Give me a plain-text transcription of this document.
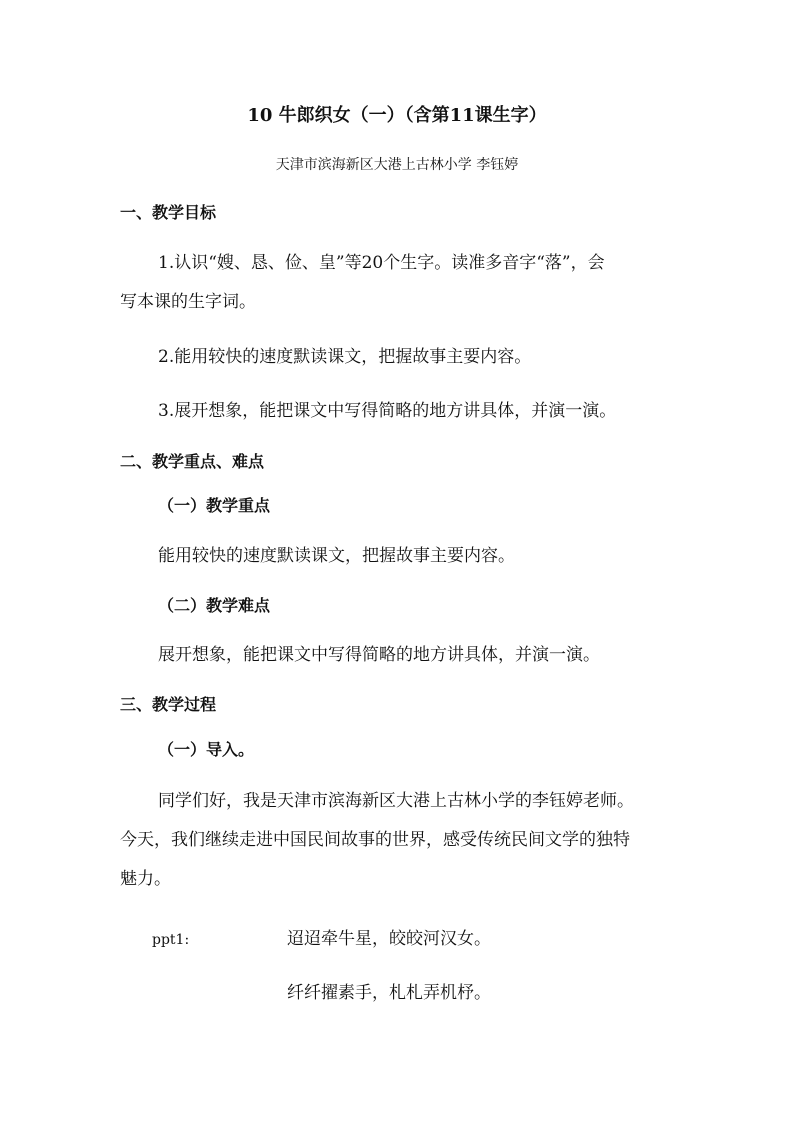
10 牛郎织女（一）（含第11课生字）
天津市滨海新区大港上古林小学 李钰婷
一、教学目标
1.认识“嫂、恳、俭、皇”等20个生字。读准多音字“落”，会
写本课的生字词。
2.能用较快的速度默读课文，把握故事主要内容。
3.展开想象，能把课文中写得简略的地方讲具体，并演一演。
二、教学重点、难点
（一）教学重点
能用较快的速度默读课文，把握故事主要内容。
（二）教学难点
展开想象，能把课文中写得简略的地方讲具体，并演一演。
三、教学过程
（一）导入。
同学们好，我是天津市滨海新区大港上古林小学的李钰婷老师。
今天，我们继续走进中国民间故事的世界，感受传统民间文学的独特
魅力。
ppt1:	迢迢牵牛星，皎皎河汉女。
纤纤擢素手，札札弄机杼。
